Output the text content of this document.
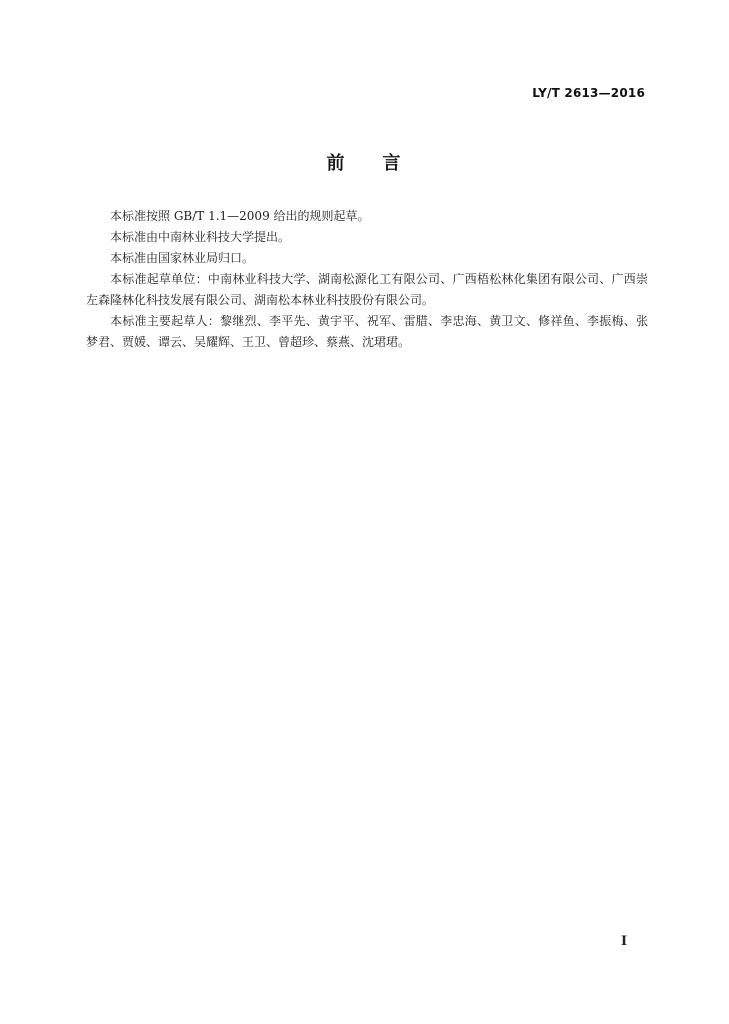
LY/T 2613—2016
前言

本标准按照 GB/T 1.1—2009 给出的规则起草。

本标准由中南林业科技大学提出。

本标准由国家林业局归口。

本标准起草单位：中南林业科技大学、湖南松源化工有限公司、广西梧松林化集团有限公司、广西崇左森隆林化科技发展有限公司、湖南松本林业科技股份有限公司。

本标准主要起草人：黎继烈、李平先、黄宇平、祝军、雷腊、李忠海、黄卫文、修祥鱼、李振梅、张梦君、贾媛、谭云、吴耀辉、王卫、曾超珍、蔡燕、沈珺珺。

I
